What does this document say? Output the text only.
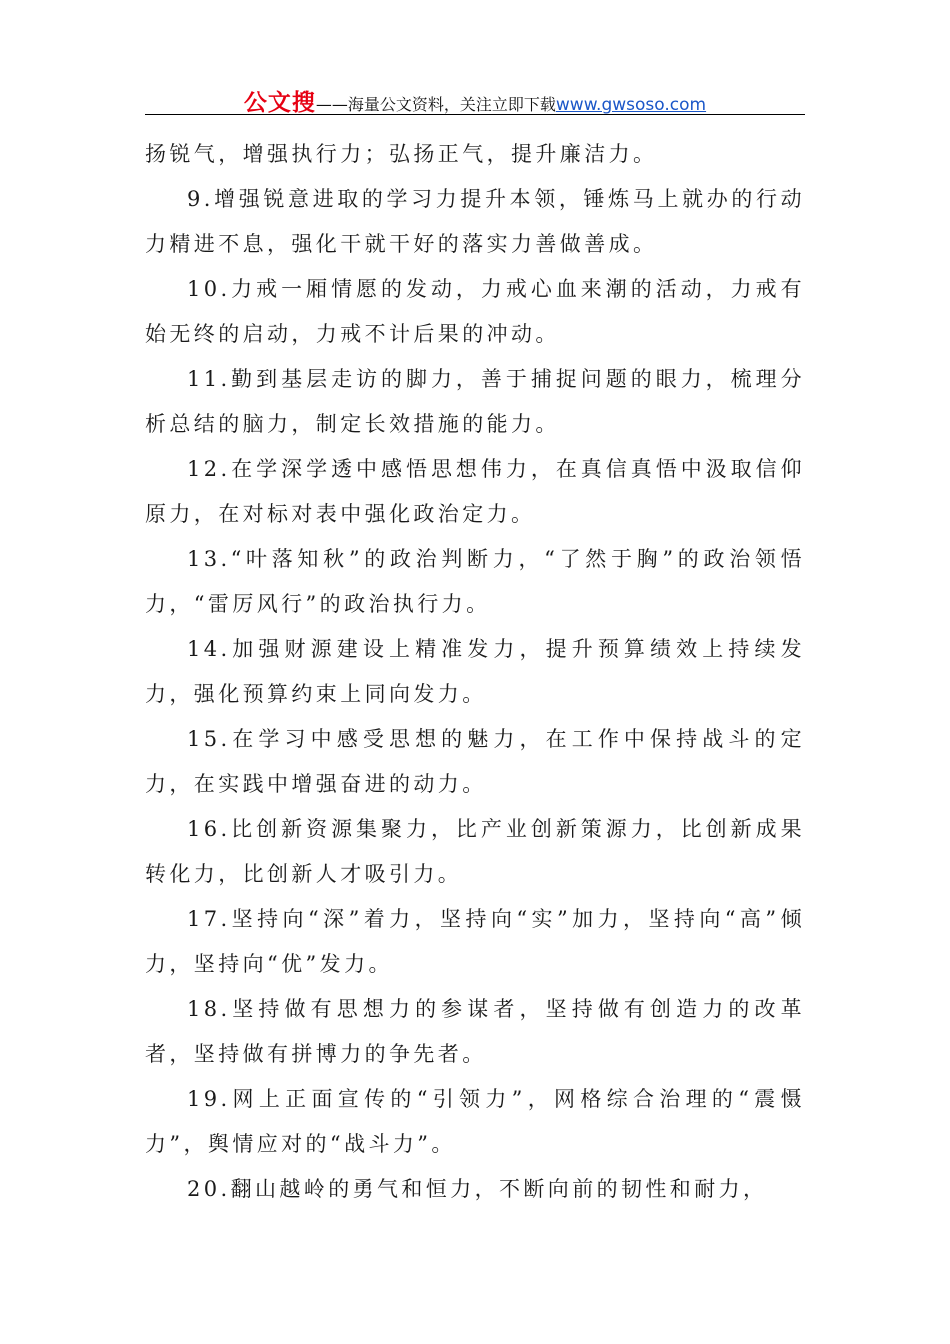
公文搜——海量公文资料，关注立即下载www.gwsoso.com

扬锐气，增强执行力；弘扬正气，提升廉洁力。

9.增强锐意进取的学习力提升本领，锤炼马上就办的行动力精进不息，强化干就干好的落实力善做善成。

10.力戒一厢情愿的发动，力戒心血来潮的活动，力戒有始无终的启动，力戒不计后果的冲动。

11.勤到基层走访的脚力，善于捕捉问题的眼力，梳理分析总结的脑力，制定长效措施的能力。

12.在学深学透中感悟思想伟力，在真信真悟中汲取信仰原力，在对标对表中强化政治定力。

13.“叶落知秋”的政治判断力，“了然于胸”的政治领悟力，“雷厉风行”的政治执行力。

14.加强财源建设上精准发力，提升预算绩效上持续发力，强化预算约束上同向发力。

15.在学习中感受思想的魅力，在工作中保持战斗的定力，在实践中增强奋进的动力。

16.比创新资源集聚力，比产业创新策源力，比创新成果转化力，比创新人才吸引力。

17.坚持向“深”着力，坚持向“实”加力，坚持向“高”倾力，坚持向“优”发力。

18.坚持做有思想力的参谋者，坚持做有创造力的改革者，坚持做有拼博力的争先者。

19.网上正面宣传的“引领力”，网格综合治理的“震慑力”，舆情应对的“战斗力”。

20.翻山越岭的勇气和恒力，不断向前的韧性和耐力，
